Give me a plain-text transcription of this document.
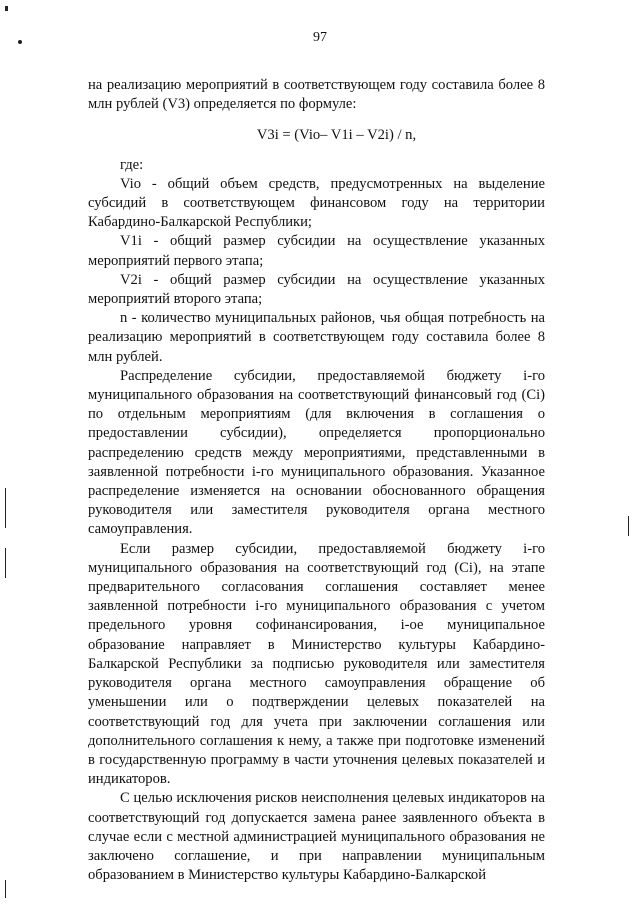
97

на реализацию мероприятий в соответствующем году составила более 8 млн рублей (V3) определяется по формуле:

V3i = (Vio– V1i – V2i) / n,

где:

Vio - общий объем средств, предусмотренных на выделение субсидий в соответствующем финансовом году на территории Кабардино-Балкарской Республики;

V1i - общий размер субсидии на осуществление указанных мероприятий первого этапа;

V2i - общий размер субсидии на осуществление указанных мероприятий второго этапа;

n - количество муниципальных районов, чья общая потребность на реализацию мероприятий в соответствующем году составила более 8 млн рублей.

Распределение субсидии, предоставляемой бюджету i-го муниципального образования на соответствующий финансовый год (Ci) по отдельным мероприятиям (для включения в соглашения о предоставлении субсидии), определяется пропорционально распределению средств между мероприятиями, представленными в заявленной потребности i-го муниципального образования. Указанное распределение изменяется на основании обоснованного обращения руководителя или заместителя руководителя органа местного самоуправления.

Если размер субсидии, предоставляемой бюджету i-го муниципального образования на соответствующий год (Ci), на этапе предварительного согласования соглашения составляет менее заявленной потребности i-го муниципального образования с учетом предельного уровня софинансирования, i-ое муниципальное образование направляет в Министерство культуры Кабардино-Балкарской Республики за подписью руководителя или заместителя руководителя органа местного самоуправления обращение об уменьшении или о подтверждении целевых показателей на соответствующий год для учета при заключении соглашения или дополнительного соглашения к нему, а также при подготовке изменений в государственную программу в части уточнения целевых показателей и индикаторов.

С целью исключения рисков неисполнения целевых индикаторов на соответствующий год допускается замена ранее заявленного объекта в случае если с местной администрацией муниципального образования не заключено соглашение, и при направлении муниципальным образованием в Министерство культуры Кабардино-Балкарской
